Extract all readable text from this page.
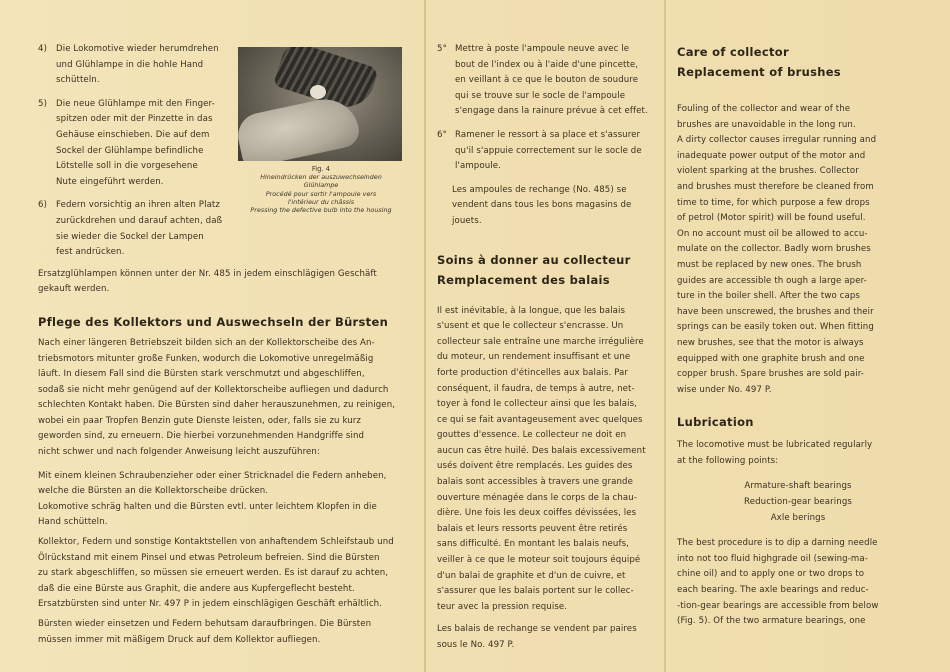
4)	Die Lokomotive wieder herumdrehen
und Glühlampe in die hohle Hand
schütteln.
5)	Die neue Glühlampe mit den Finger-
spitzen oder mit der Pinzette in das
Gehäuse einschieben. Die auf dem
Sockel der Glühlampe befindliche
Lötstelle soll in die vorgesehene
Nute eingeführt werden.
6)	Federn vorsichtig an ihren alten Platz
zurückdrehen und darauf achten, daß
sie wieder die Sockel der Lampen
fest andrücken.
Ersatzglühlampen können unter der Nr. 485 in jedem einschlägigen Geschäft
gekauft werden.
Pflege des Kollektors und Auswechseln der Bürsten
Nach einer längeren Betriebszeit bilden sich an der Kollektorscheibe des An-
triebsmotors mitunter große Funken, wodurch die Lokomotive unregelmäßig
läuft. In diesem Fall sind die Bürsten stark verschmutzt und abgeschliffen,
sodaß sie nicht mehr genügend auf der Kollektorscheibe aufliegen und dadurch
schlechten Kontakt haben. Die Bürsten sind daher herauszunehmen, zu reinigen,
wobei ein paar Tropfen Benzin gute Dienste leisten, oder, falls sie zu kurz
geworden sind, zu erneuern. Die hierbei vorzunehmenden Handgriffe sind
nicht schwer und nach folgender Anweisung leicht auszuführen:
Mit einem kleinen Schraubenzieher oder einer Stricknadel die Federn anheben,
welche die Bürsten an die Kollektorscheibe drücken.
Lokomotive schräg halten und die Bürsten evtl. unter leichtem Klopfen in die
Hand schütteln.
Kollektor, Federn und sonstige Kontaktstellen von anhaftendem Schleifstaub und
Ölrückstand mit einem Pinsel und etwas Petroleum befreien. Sind die Bürsten
zu stark abgeschliffen, so müssen sie erneuert werden. Es ist darauf zu achten,
daß die eine Bürste aus Graphit, die andere aus Kupfergeflecht besteht.
Ersatzbürsten sind unter Nr. 497 P in jedem einschlägigen Geschäft erhältlich.
Bürsten wieder einsetzen und Federn behutsam daraufbringen. Die Bürsten
müssen immer mit mäßigem Druck auf dem Kollektor aufliegen.
Fig. 4
Hineindrücken der auszuwechselnden
Glühlampe
Procédé pour sortir l'ampoule vers
l'intérieur du châssis
Pressing the defective bulb into the housing
5° Mettre à poste l'ampoule neuve avec le
bout de l'index ou à l'aide d'une pincette,
en veillant à ce que le bouton de soudure
qui se trouve sur le socle de l'ampoule
s'engage dans la rainure prévue à cet effet.
6° Ramener le ressort à sa place et s'assurer
qu'il s'appuie correctement sur le socle de
l'ampoule.
Les ampoules de rechange (No. 485) se
vendent dans tous les bons magasins de
jouets.
Soins à donner au collecteur
Remplacement des balais
Il est inévitable, à la longue, que les balais
s'usent et que le collecteur s'encrasse. Un
collecteur sale entraîne une marche irrégulière
du moteur, un rendement insuffisant et une
forte production d'étincelles aux balais. Par
conséquent, il faudra, de temps à autre, net-
toyer à fond le collecteur ainsi que les balais,
ce qui se fait avantageusement avec quelques
gouttes d'essence. Le collecteur ne doit en
aucun cas être huilé. Des balais excessivement
usés doivent être remplacés. Les guides des
balais sont accessibles à travers une grande
ouverture ménagée dans le corps de la chau-
dière. Une fois les deux coiffes dévissées, les
balais et leurs ressorts peuvent être retirés
sans difficulté. En montant les balais neufs,
veiller à ce que le moteur soit toujours équipé
d'un balai de graphite et d'un de cuivre, et
s'assurer que les balais portent sur le collec-
teur avec la pression requise.
Les balais de rechange se vendent par paires
sous le No. 497 P.
Care of collector
Replacement of brushes
Fouling of the collector and wear of the
brushes are unavoidable in the long run.
A dirty collector causes irregular running and
inadequate power output of the motor and
violent sparking at the brushes. Collector
and brushes must therefore be cleaned from
time to time, for which purpose a few drops
of petrol (Motor spirit) will be found useful.
On no account must oil be allowed to accu-
mulate on the collector. Badly worn brushes
must be replaced by new ones. The brush
guides are accessible th ough a large aper-
ture in the boiler shell. After the two caps
have been unscrewed, the brushes and their
springs can be easily token out. When fitting
new brushes, see that the motor is always
equipped with one graphite brush and one
copper brush. Spare brushes are sold pair-
wise under No. 497 P.
Lubrication
The locomotive must be lubricated regularly
at the following points:
Armature-shaft bearings
Reduction-gear bearings
Axle berings
The best procedure is to dip a darning needle
into not too fluid highgrade oil (sewing-ma-
chine oil) and to apply one or two drops to
each bearing. The axle bearings and reduc-
-tion-gear bearings are accessible from below
(Fig. 5). Of the two armature bearings, one
